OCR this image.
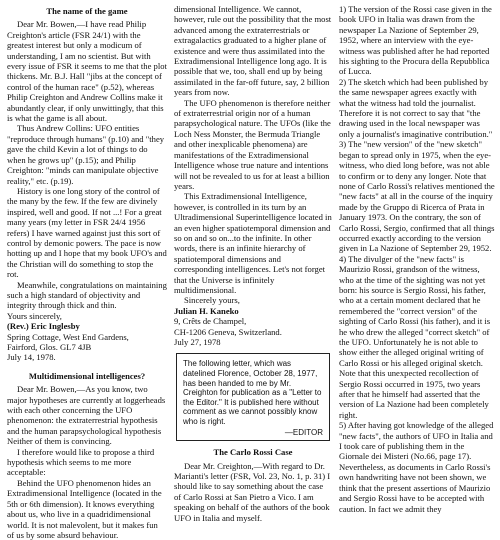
The name of the game

Dear Mr. Bowen,—I have read Philip Creighton's article (FSR 24/1) with the greatest interest but only a modicum of understanding, I am no scientist. But with every issue of FSR it seems to me that the plot thickens. Mr. B.J. Hall "jibs at the concept of control of the human race" (p.52), whereas Philip Creighton and Andrew Collins make it abundantly clear, if only unwittingly, that this is what the game is all about.

Thus Andrew Collins: UFO entities "reproduce through humans" (p.10) and "they gave the child Kevin a lot of things to do when he grows up" (p.15); and Philip Creighton: "minds can manipulate objective reality," etc. (p.19).

History is one long story of the control of the many by the few. If the few are divinely inspired, well and good. If not ...! For a great many years (my letter in FSR 24/4 1956 refers) I have warned against just this sort of control by demonic powers. The pace is now hotting up and I hope that my book UFO's and the Christian will do something to stop the rot.

Meanwhile, congratulations on maintaining such a high standard of objectivity and integrity through thick and thin.

Yours sincerely,
(Rev.) Eric Inglesby
Spring Cottage, West End Gardens,
Fairford, Glos. GL7 4JB
July 14, 1978.
Multidimensional intelligences?

Dear Mr. Bowen,—As you know, two major hypotheses are currently at loggerheads with each other concerning the UFO phenomenon: the extraterrestrial hypothesis and the human parapsychological hypothesis Neither of them is convincing.

I therefore would like to propose a third hypothesis which seems to me more acceptable:

Behind the UFO phenomenon hides an Extradimensional Intelligence (located in the 5th or 6th dimension). It knows everything about us, who live in a quadridimensional world. It is not malevolent, but it makes fun of us by some absurd behaviour.

dimensional Intelligence. We cannot, however, rule out the possibility that the most advanced among the extraterrestrials or extragalactics graduated to a higher plane of existence and were thus assimilated into the Extradimensional Intelligence long ago. It is possible that we, too, shall end up by being assimilated in the far-off future, say, 2 billion years from now.

The UFO phenomenon is therefore neither of extraterrestrial origin nor of a human parapsychological nature. The UFOs (like the Loch Ness Monster, the Bermuda Triangle and other inexplicable phenomena) are manifestations of the Extradimensional Intelligence whose true nature and intentions will not be revealed to us for at least a billion years.

This Extradimensional Intelligence, however, is controlled in its turn by an Ultradimensional Superintelligence located in an even higher spatiotemporal dimension and so on and so on...to the infinite. In other words, there is an infinite hierarchy of spatiotemporal dimensions and corresponding intelligences. Let's not forget that the Universe is infinitely multidimensional.

Sincerely yours,
Julian H. Kaneko
9, Crêts de Champel,
CH-1206 Geneva, Switzerland.
July 27, 1978
The following letter, which was datelined Florence, October 28, 1977, has been handed to me by Mr. Creighton for publication as a "Letter to the Editor." It is published here without comment as we cannot possibly know who is right.
—EDITOR
The Carlo Rossi Case

Dear Mr. Creighton,—With regard to Dr. Marianti's letter (FSR, Vol. 23, No. 1, p. 31) I should like to say something about the case of Carlo Rossi at San Pietro a Vico. I am speaking on behalf of the authors of the book UFO in Italia and myself.

1) The version of the Rossi case given in the book UFO in Italia was drawn from the newspaper La Nazione of September 29, 1952, where an interview with the eye-witness was published after he had reported his sighting to the Procura della Repubblica of Lucca.

2) The sketch which had been published by the same newspaper agrees exactly with what the witness had told the journalist. Therefore it is not correct to say that "the drawing used in the local newspaper was only a journalist's imaginative contribution."

3) The "new version" of the "new sketch" began to spread only in 1975, when the eye-witness, who died long before, was not able to confirm or to deny any longer. Note that none of Carlo Rossi's relatives mentioned the "new facts" at all in the course of the inquiry made by the Gruppo di Ricerca of Prata in January 1973. On the contrary, the son of Carlo Rossi, Sergio, confirmed that all things occurred exactly according to the version given in La Nazione of September 29, 1952.

4) The divulger of the "new facts" is Maurizio Rossi, grandson of the witness, who at the time of the sighting was not yet born: his source is Sergio Rossi, his father, who at a certain moment declared that he remembered the "correct version" of the sighting of Carlo Rossi (his father), and it is he who drew the alleged "correct sketch" of the UFO. Unfortunately he is not able to show either the alleged original writing of Carlo Rossi or his alleged original sketch. Note that this unexpected recollection of Sergio Rossi occurred in 1975, two years after that he himself had asserted that the version of La Nazione had been completely right.

5) After having got knowledge of the alleged "new facts", the authors of UFO in Italia and I took care of publishing them in the Giornale dei Misteri (No.66, page 17). Nevertheless, as documents in Carlo Rossi's own handwriting have not been shown, we think that the present assertions of Maurizio and Sergio Rossi have to be accepted with caution. In fact we admit they
